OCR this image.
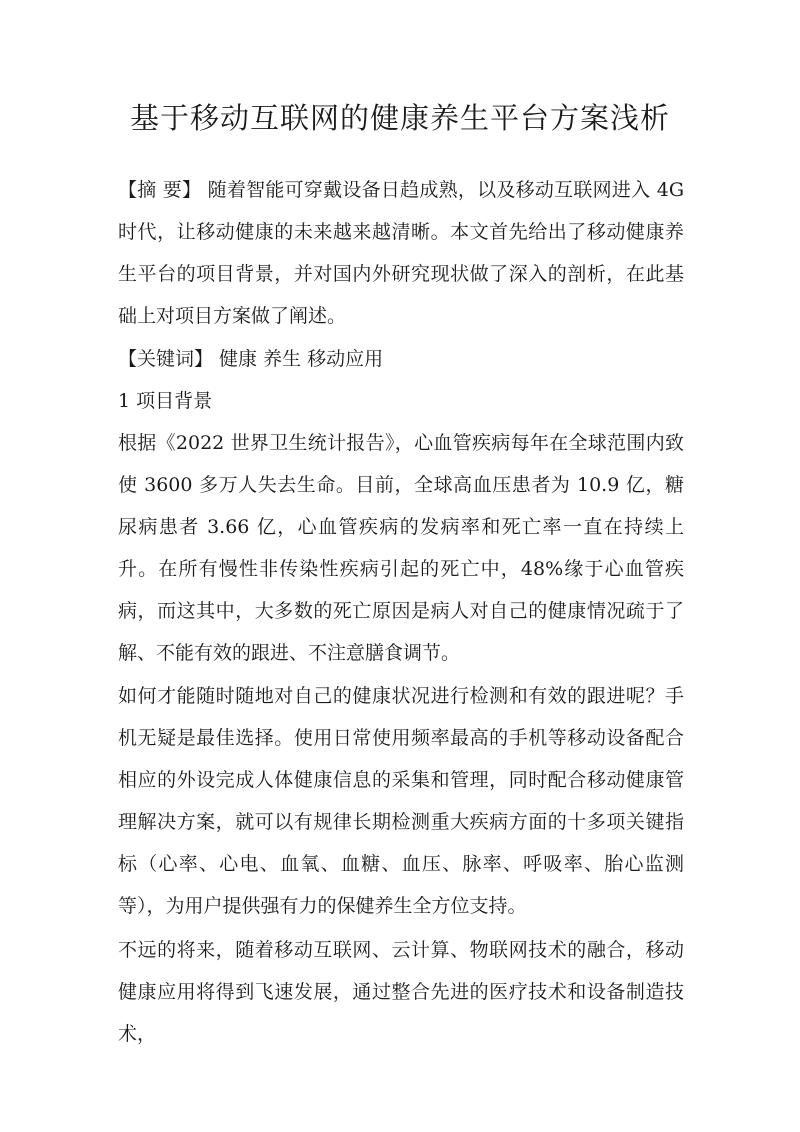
基于移动互联网的健康养生平台方案浅析

【摘 要】 随着智能可穿戴设备日趋成熟，以及移动互联网进入 4G 时代，让移动健康的未来越来越清晰。本文首先给出了移动健康养生平台的项目背景，并对国内外研究现状做了深入的剖析，在此基础上对项目方案做了阐述。

【关键词】 健康 养生 移动应用

1 项目背景

根据《2022 世界卫生统计报告》，心血管疾病每年在全球范围内致使 3600 多万人失去生命。目前，全球高血压患者为 10.9 亿，糖尿病患者 3.66 亿，心血管疾病的发病率和死亡率一直在持续上升。在所有慢性非传染性疾病引起的死亡中，48%缘于心血管疾病，而这其中，大多数的死亡原因是病人对自己的健康情况疏于了解、不能有效的跟进、不注意膳食调节。

如何才能随时随地对自己的健康状况进行检测和有效的跟进呢？手机无疑是最佳选择。使用日常使用频率最高的手机等移动设备配合相应的外设完成人体健康信息的采集和管理，同时配合移动健康管理解决方案，就可以有规律长期检测重大疾病方面的十多项关键指标（心率、心电、血氧、血糖、血压、脉率、呼吸率、胎心监测等），为用户提供强有力的保健养生全方位支持。

不远的将来，随着移动互联网、云计算、物联网技术的融合，移动健康应用将得到飞速发展，通过整合先进的医疗技术和设备制造技术，
